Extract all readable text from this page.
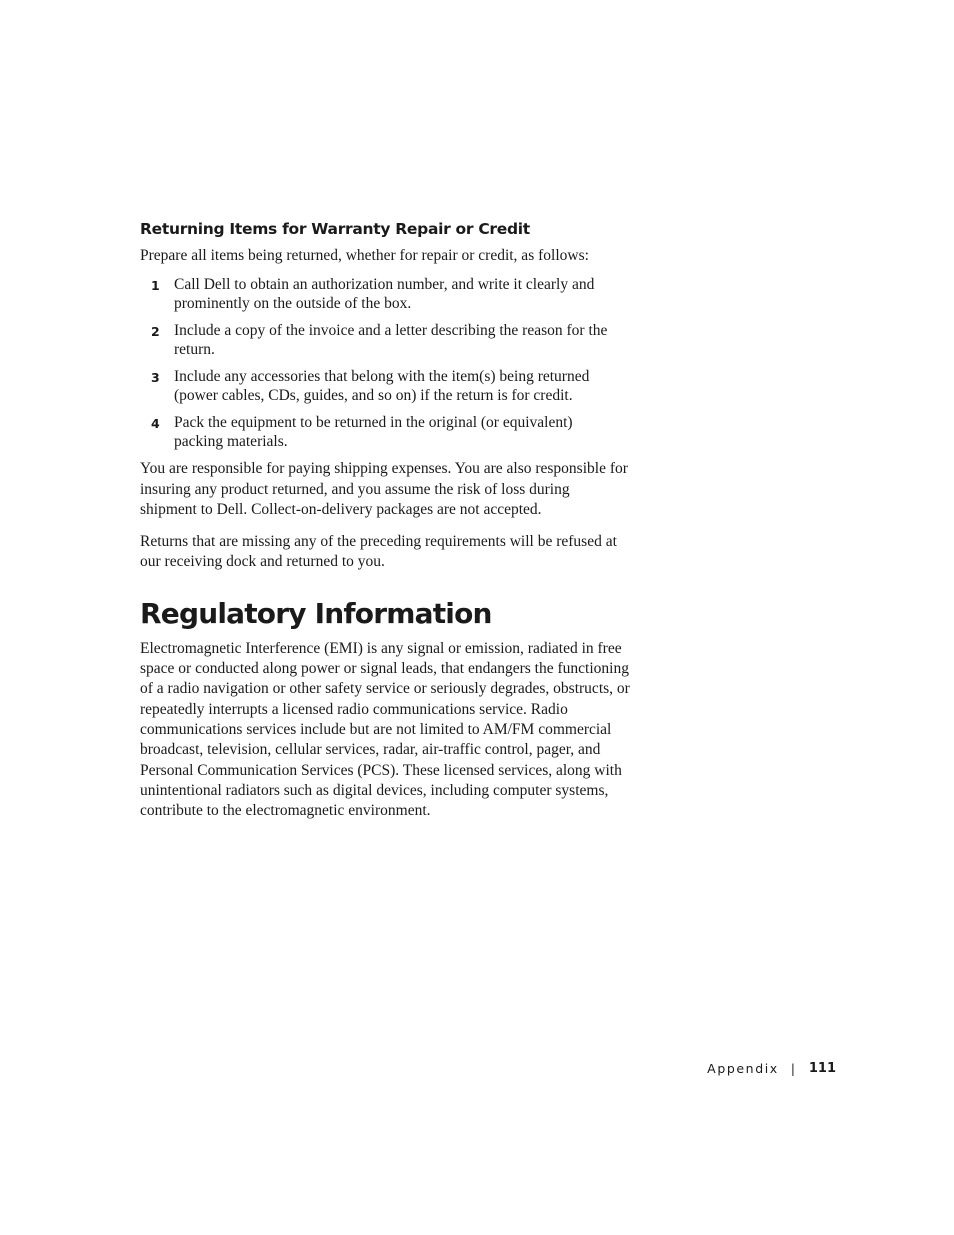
Returning Items for Warranty Repair or Credit

Prepare all items being returned, whether for repair or credit, as follows:

1 Call Dell to obtain an authorization number, and write it clearly and prominently on the outside of the box.
2 Include a copy of the invoice and a letter describing the reason for the return.
3 Include any accessories that belong with the item(s) being returned (power cables, CDs, guides, and so on) if the return is for credit.
4 Pack the equipment to be returned in the original (or equivalent) packing materials.

You are responsible for paying shipping expenses. You are also responsible for insuring any product returned, and you assume the risk of loss during shipment to Dell. Collect-on-delivery packages are not accepted.

Returns that are missing any of the preceding requirements will be refused at our receiving dock and returned to you.

Regulatory Information

Electromagnetic Interference (EMI) is any signal or emission, radiated in free space or conducted along power or signal leads, that endangers the functioning of a radio navigation or other safety service or seriously degrades, obstructs, or repeatedly interrupts a licensed radio communications service. Radio communications services include but are not limited to AM/FM commercial broadcast, television, cellular services, radar, air-traffic control, pager, and Personal Communication Services (PCS). These licensed services, along with unintentional radiators such as digital devices, including computer systems, contribute to the electromagnetic environment.

Appendix | 111
